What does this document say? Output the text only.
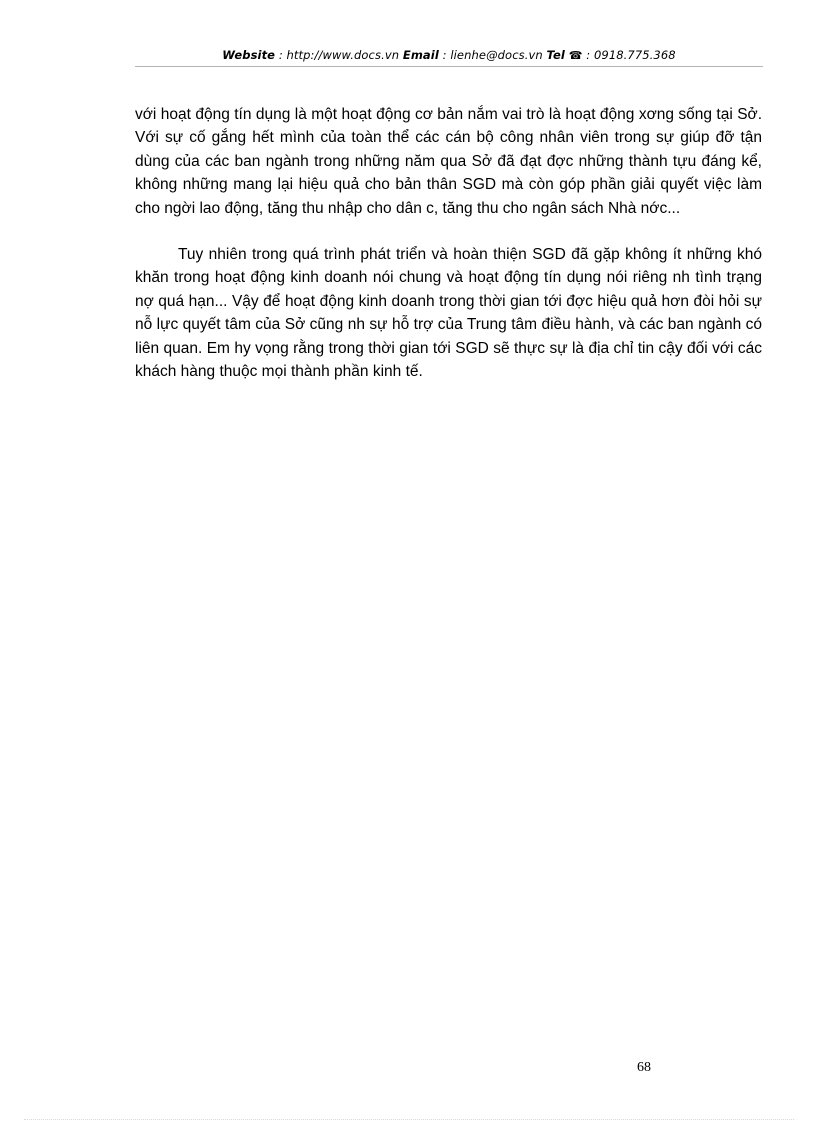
Website : http://www.docs.vn Email : lienhe@docs.vn Tel ☎ : 0918.775.368

với hoạt động tín dụng là một hoạt động cơ bản nắm vai trò là hoạt động xơng sống tại Sở. Với sự cố gắng hết mình của toàn thể các cán bộ công nhân viên trong sự giúp đỡ tận dùng của các ban ngành trong những năm qua Sở đã đạt đợc những thành tựu đáng kể, không những mang lại hiệu quả cho bản thân SGD mà còn góp phần giải quyết việc làm cho ngời lao động, tăng thu nhập cho dân c, tăng thu cho ngân sách Nhà nớc...

Tuy nhiên trong quá trình phát triển và hoàn thiện SGD đã gặp không ít những khó khăn trong hoạt động kinh doanh nói chung và hoạt động tín dụng nói riêng nh tình trạng nợ quá hạn... Vậy để hoạt động kinh doanh trong thời gian tới đợc hiệu quả hơn đòi hỏi sự nỗ lực quyết tâm của Sở cũng nh sự hỗ trợ của Trung tâm điều hành, và các ban ngành có liên quan. Em hy vọng rằng trong thời gian tới SGD sẽ thực sự là địa chỉ tin cậy đối với các khách hàng thuộc mọi thành phần kinh tế.

68
